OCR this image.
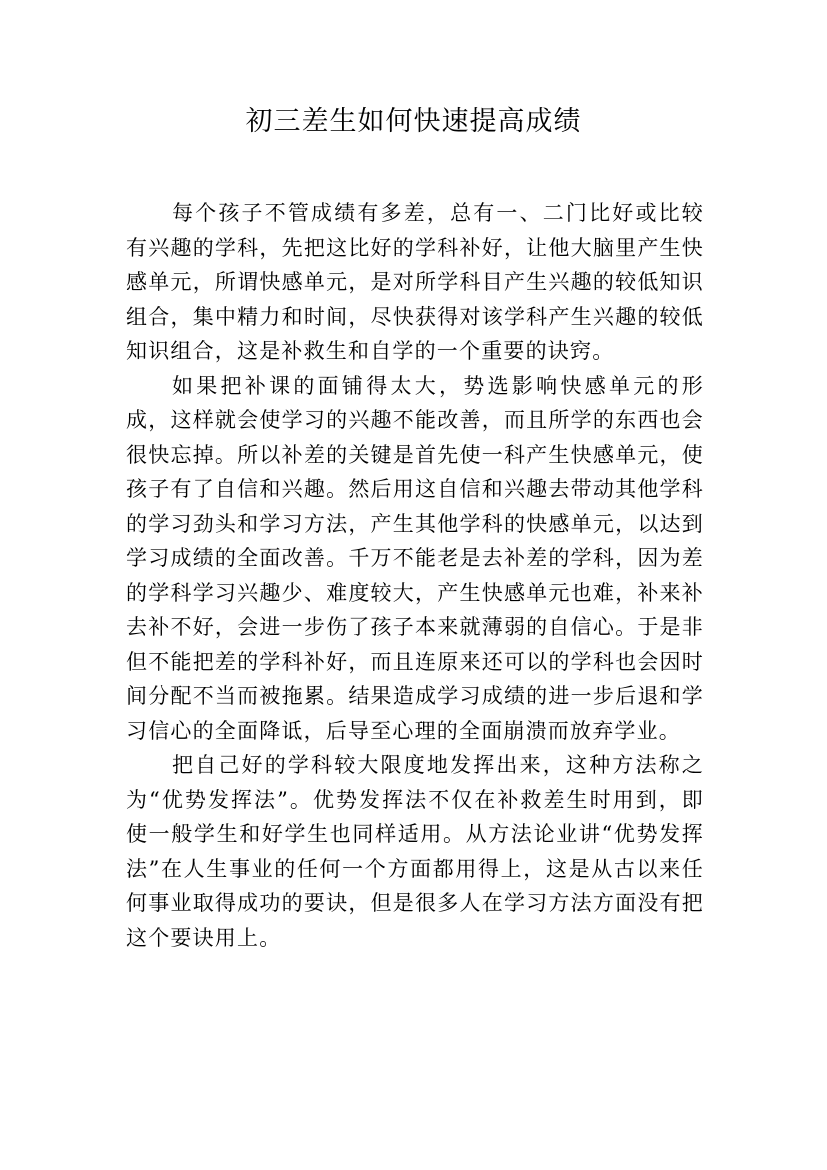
初三差生如何快速提高成绩

每个孩子不管成绩有多差，总有一、二门比好或比较有兴趣的学科，先把这比好的学科补好，让他大脑里产生快感单元，所谓快感单元，是对所学科目产生兴趣的较低知识组合，集中精力和时间，尽快获得对该学科产生兴趣的较低知识组合，这是补救生和自学的一个重要的诀窍。

如果把补课的面铺得太大，势选影响快感单元的形成，这样就会使学习的兴趣不能改善，而且所学的东西也会很快忘掉。所以补差的关键是首先使一科产生快感单元，使孩子有了自信和兴趣。然后用这自信和兴趣去带动其他学科的学习劲头和学习方法，产生其他学科的快感单元，以达到学习成绩的全面改善。千万不能老是去补差的学科，因为差的学科学习兴趣少、难度较大，产生快感单元也难，补来补去补不好，会进一步伤了孩子本来就薄弱的自信心。于是非但不能把差的学科补好，而且连原来还可以的学科也会因时间分配不当而被拖累。结果造成学习成绩的进一步后退和学习信心的全面降诋，后导至心理的全面崩溃而放弃学业。

把自己好的学科较大限度地发挥出来，这种方法称之为“优势发挥法”。优势发挥法不仅在补救差生时用到，即使一般学生和好学生也同样适用。从方法论业讲“优势发挥法”在人生事业的任何一个方面都用得上，这是从古以来任何事业取得成功的要诀，但是很多人在学习方法方面没有把这个要诀用上。
